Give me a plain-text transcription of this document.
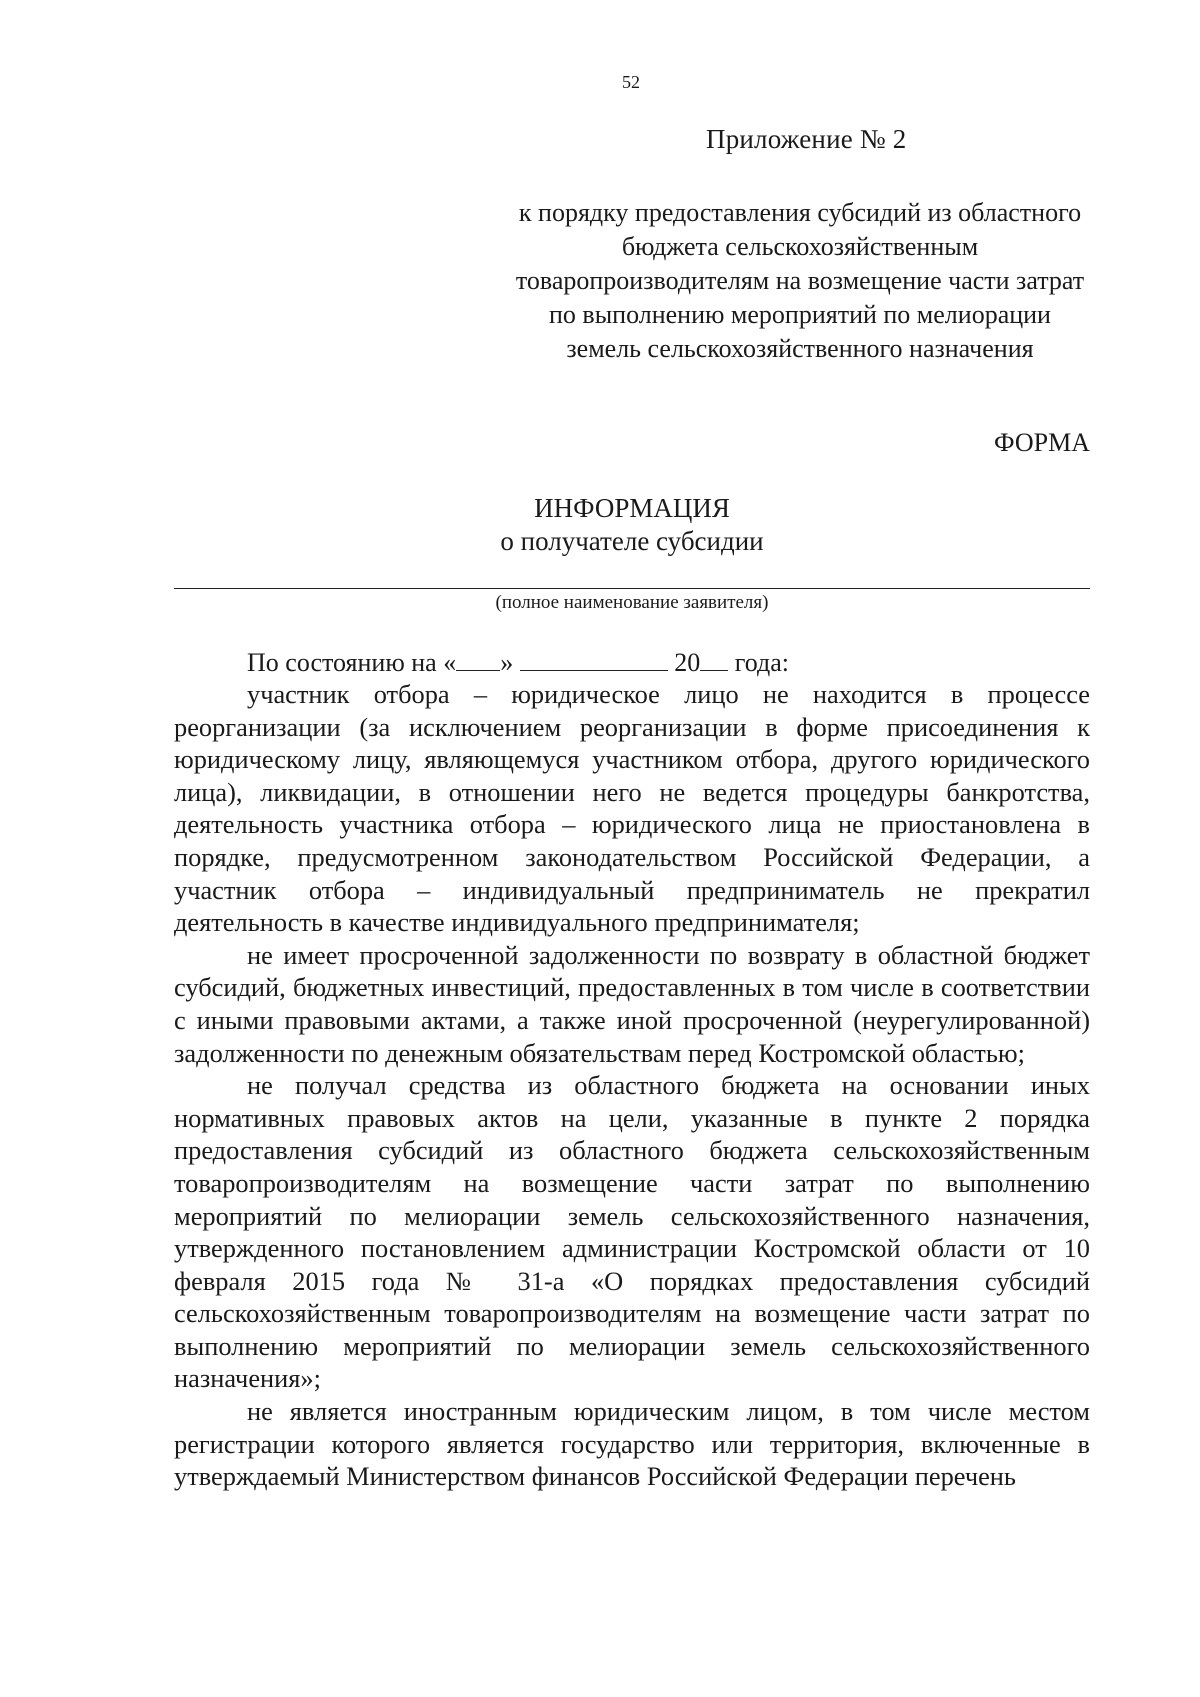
52
Приложение № 2
к порядку предоставления субсидий из областного бюджета сельскохозяйственным товаропроизводителям на возмещение части затрат по выполнению мероприятий по мелиорации земель сельскохозяйственного назначения
ФОРМА
ИНФОРМАЦИЯ
о получателе субсидии
(полное наименование заявителя)
По состоянию на « »	20 года:

участник отбора – юридическое лицо не находится в процессе реорганизации (за исключением реорганизации в форме присоединения к юридическому лицу, являющемуся участником отбора, другого юридического лица), ликвидации, в отношении него не ведется процедуры банкротства, деятельность участника отбора – юридического лица не приостановлена в порядке, предусмотренном законодательством Российской Федерации, а участник отбора – индивидуальный предприниматель не прекратил деятельность в качестве индивидуального предпринимателя;

не имеет просроченной задолженности по возврату в областной бюджет субсидий, бюджетных инвестиций, предоставленных в том числе в соответствии с иными правовыми актами, а также иной просроченной (неурегулированной) задолженности по денежным обязательствам перед Костромской областью;

не получал средства из областного бюджета на основании иных нормативных правовых актов на цели, указанные в пункте 2 порядка предоставления субсидий из областного бюджета сельскохозяйственным товаропроизводителям на возмещение части затрат по выполнению мероприятий по мелиорации земель сельскохозяйственного назначения, утвержденного постановлением администрации Костромской области от 10 февраля 2015 года № 31-а «О порядках предоставления субсидий сельскохозяйственным товаропроизводителям на возмещение части затрат по выполнению мероприятий по мелиорации земель сельскохозяйственного назначения»;

не является иностранным юридическим лицом, в том числе местом регистрации которого является государство или территория, включенные в утверждаемый Министерством финансов Российской Федерации перечень
